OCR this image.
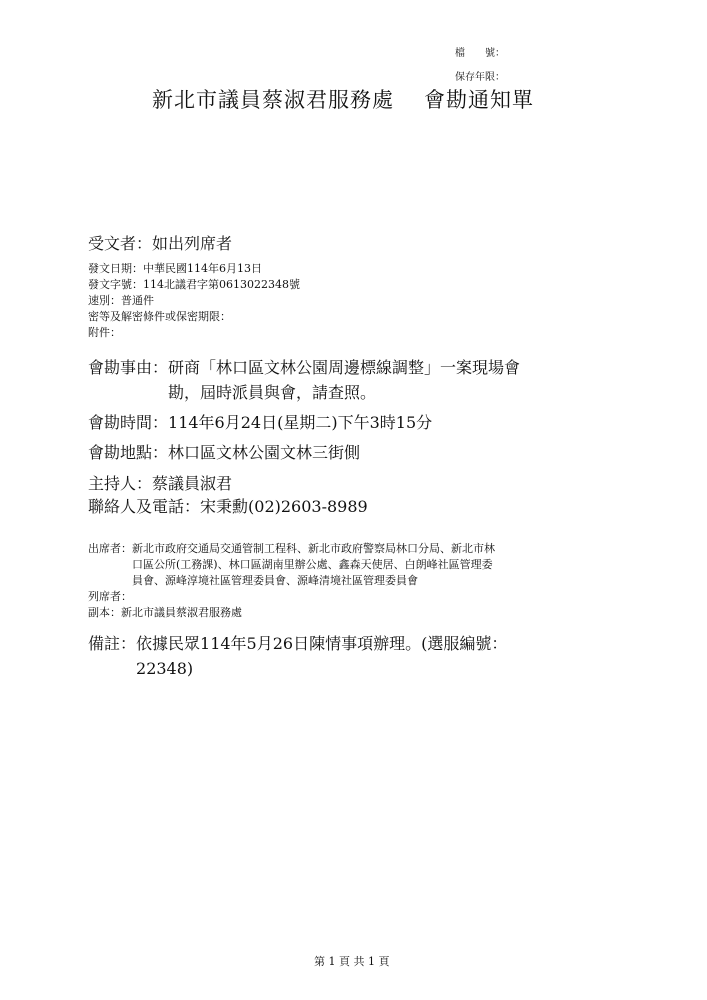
檔　　號：
保存年限：
新北市議員蔡淑君服務處 會勘通知單
受文者：如出列席者
發文日期：中華民國114年6月13日
發文字號：114北議君字第0613022348號
速別：普通件
密等及解密條件或保密期限：
附件：
會勘事由： 研商「林口區文林公園周邊標線調整」一案現場會
勘，屆時派員與會，請查照。
會勘時間：114年6月24日(星期二)下午3時15分
會勘地點：林口區文林公園文林三街側
主持人：蔡議員淑君
聯絡人及電話：宋秉勳(02)2603-8989
出席者： 新北市政府交通局交通管制工程科、新北市政府警察局林口分局、新北市林
口區公所(工務課)、林口區湖南里辦公處、鑫森天使居、白朗峰社區管理委
員會、源峰淳境社區管理委員會、源峰清境社區管理委員會
列席者：
副本：新北市議員蔡淑君服務處
備註： 依據民眾114年5月26日陳情事項辦理。(選服編號：
22348)
第 1 頁 共 1 頁
